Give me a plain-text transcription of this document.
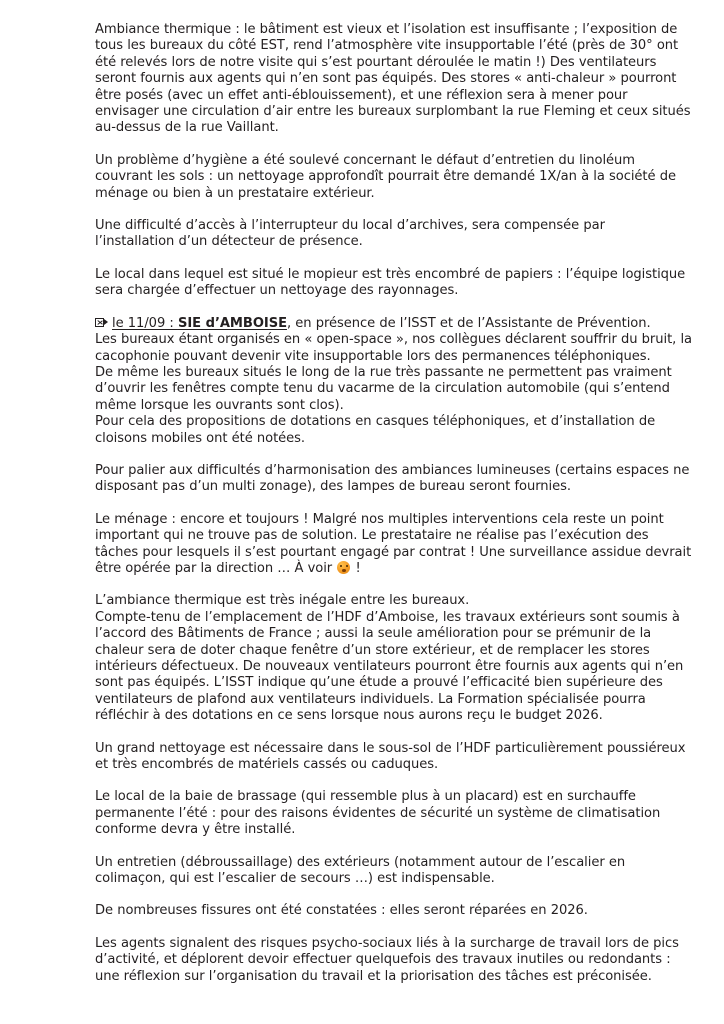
Ambiance thermique : le bâtiment est vieux et l’isolation est insuffisante ; l’exposition de
tous les bureaux du côté EST, rend l’atmosphère vite insupportable l’été (près de 30° ont
été relevés lors de notre visite qui s’est pourtant déroulée le matin !) Des ventilateurs
seront fournis aux agents qui n’en sont pas équipés. Des stores « anti-chaleur » pourront
être posés (avec un effet anti-éblouissement), et une réflexion sera à mener pour
envisager une circulation d’air entre les bureaux surplombant la rue Fleming et ceux situés
au-dessus de la rue Vaillant.

Un problème d’hygiène a été soulevé concernant le défaut d’entretien du linoléum
couvrant les sols : un nettoyage approfondît pourrait être demandé 1X/an à la société de
ménage ou bien à un prestataire extérieur.

Une difficulté d’accès à l’interrupteur du local d’archives, sera compensée par
l’installation d’un détecteur de présence.

Le local dans lequel est situé le mopieur est très encombré de papiers : l’équipe logistique
sera chargée d’effectuer un nettoyage des rayonnages.

le 11/09 : SIE d’AMBOISE, en présence de l’ISST et de l’Assistante de Prévention.
Les bureaux étant organisés en « open-space », nos collègues déclarent souffrir du bruit, la
cacophonie pouvant devenir vite insupportable lors des permanences téléphoniques.
De même les bureaux situés le long de la rue très passante ne permettent pas vraiment
d’ouvrir les fenêtres compte tenu du vacarme de la circulation automobile (qui s’entend
même lorsque les ouvrants sont clos).
Pour cela des propositions de dotations en casques téléphoniques, et d’installation de
cloisons mobiles ont été notées.

Pour palier aux difficultés d’harmonisation des ambiances lumineuses (certains espaces ne
disposant pas d’un multi zonage), des lampes de bureau seront fournies.

Le ménage : encore et toujours ! Malgré nos multiples interventions cela reste un point
important qui ne trouve pas de solution. Le prestataire ne réalise pas l’exécution des
tâches pour lesquels il s’est pourtant engagé par contrat ! Une surveillance assidue devrait
être opérée par la direction … À voir
!

L’ambiance thermique est très inégale entre les bureaux.
Compte-tenu de l’emplacement de l’HDF d’Amboise, les travaux extérieurs sont soumis à
l’accord des Bâtiments de France ; aussi la seule amélioration pour se prémunir de la
chaleur sera de doter chaque fenêtre d’un store extérieur, et de remplacer les stores
intérieurs défectueux. De nouveaux ventilateurs pourront être fournis aux agents qui n’en
sont pas équipés. L’ISST indique qu’une étude a prouvé l’efficacité bien supérieure des
ventilateurs de plafond aux ventilateurs individuels. La Formation spécialisée pourra
réfléchir à des dotations en ce sens lorsque nous aurons reçu le budget 2026.

Un grand nettoyage est nécessaire dans le sous-sol de l’HDF particulièrement poussiéreux
et très encombrés de matériels cassés ou caduques.

Le local de la baie de brassage (qui ressemble plus à un placard) est en surchauffe
permanente l’été : pour des raisons évidentes de sécurité un système de climatisation
conforme devra y être installé.

Un entretien (débroussaillage) des extérieurs (notamment autour de l’escalier en
colimaçon, qui est l’escalier de secours …) est indispensable.

De nombreuses fissures ont été constatées : elles seront réparées en 2026.

Les agents signalent des risques psycho-sociaux liés à la surcharge de travail lors de pics
d’activité, et déplorent devoir effectuer quelquefois des travaux inutiles ou redondants :
une réflexion sur l’organisation du travail et la priorisation des tâches est préconisée.
